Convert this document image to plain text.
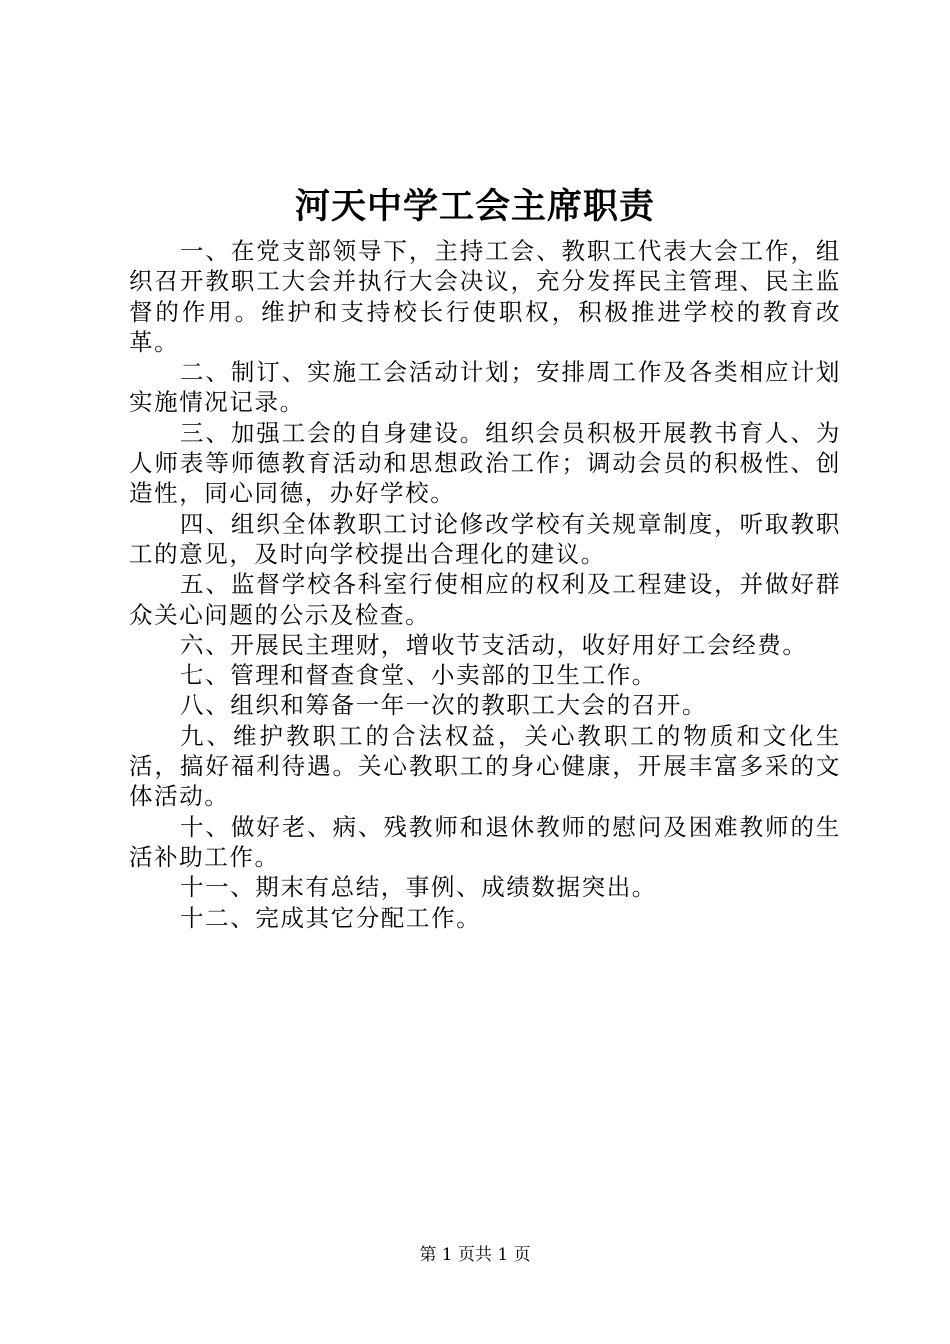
河天中学工会主席职责

一、在党支部领导下，主持工会、教职工代表大会工作，组织召开教职工大会并执行大会决议，充分发挥民主管理、民主监督的作用。维护和支持校长行使职权，积极推进学校的教育改革。

二、制订、实施工会活动计划；安排周工作及各类相应计划实施情况记录。

三、加强工会的自身建设。组织会员积极开展教书育人、为人师表等师德教育活动和思想政治工作；调动会员的积极性、创造性，同心同德，办好学校。

四、组织全体教职工讨论修改学校有关规章制度，听取教职工的意见，及时向学校提出合理化的建议。

五、监督学校各科室行使相应的权利及工程建设，并做好群众关心问题的公示及检查。

六、开展民主理财，增收节支活动，收好用好工会经费。

七、管理和督查食堂、小卖部的卫生工作。

八、组织和筹备一年一次的教职工大会的召开。

九、维护教职工的合法权益，关心教职工的物质和文化生活，搞好福利待遇。关心教职工的身心健康，开展丰富多采的文体活动。

十、做好老、病、残教师和退休教师的慰问及困难教师的生活补助工作。

十一、期末有总结，事例、成绩数据突出。

十二、完成其它分配工作。

第 1 页共 1 页
